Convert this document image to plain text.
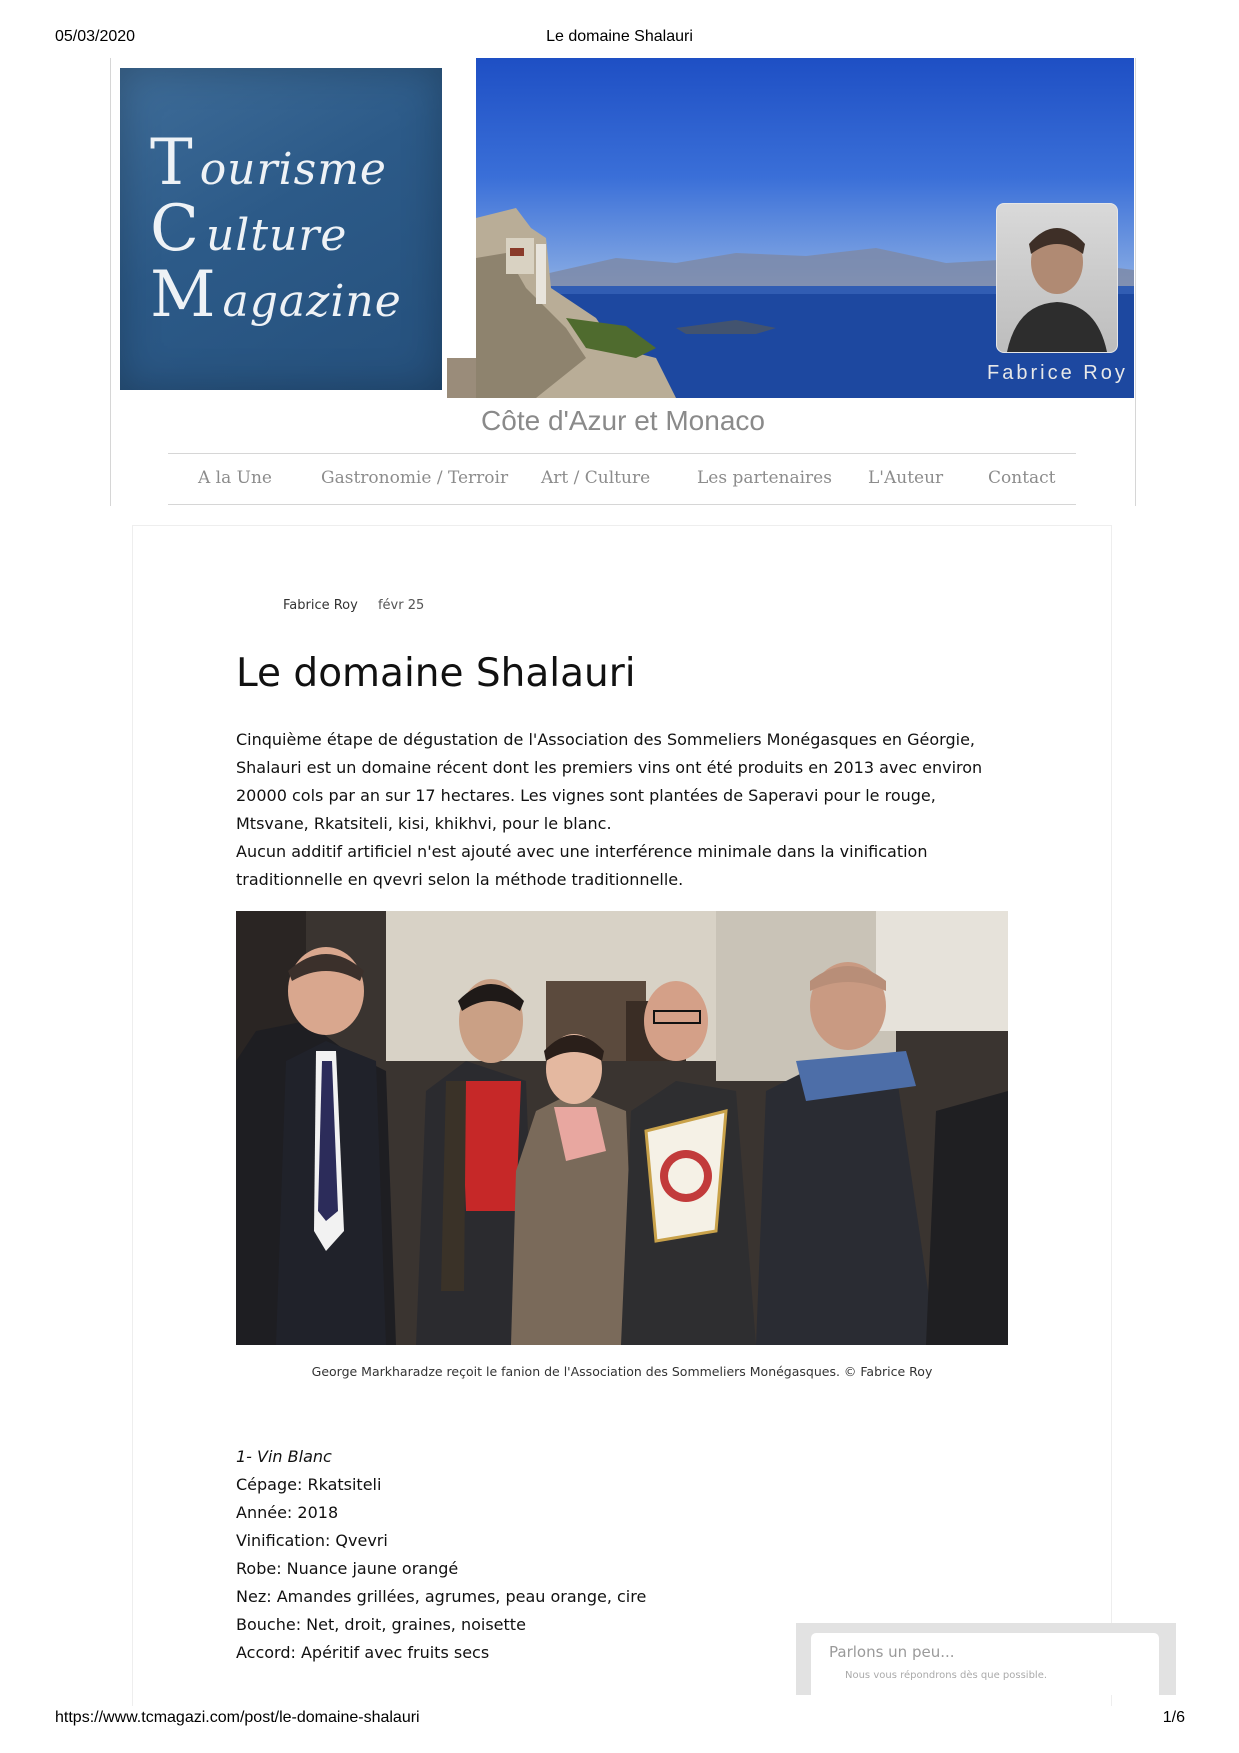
05/03/2020	Le domaine Shalauri
T ourisme
C ulture
M agazine
Fabrice Roy
Côte d'Azur et Monaco
A la Une	Gastronomie / Terroir Art / Culture	Les partenaires L'Auteur	Contact
Fabrice Roy févr 25
Le domaine Shalauri

Cinquième étape de dégustation de l'Association des Sommeliers Monégasques en Géorgie, Shalauri est un domaine récent dont les premiers vins ont été produits en 2013 avec environ 20000 cols par an sur 17 hectares. Les vignes sont plantées de Saperavi pour le rouge, Mtsvane, Rkatsiteli, kisi, khikhvi, pour le blanc.

Aucun additif artificiel n'est ajouté avec une interférence minimale dans la vinification traditionnelle en qvevri selon la méthode traditionnelle.

George Markharadze reçoit le fanion de l'Association des Sommeliers Monégasques. © Fabrice Roy
1- Vin Blanc
Cépage: Rkatsiteli
Année: 2018
Vinification: Qvevri
Robe: Nuance jaune orangé
Nez: Amandes grillées, agrumes, peau orange, cire
Bouche: Net, droit, graines, noisette
Accord: Apéritif avec fruits secs	Parlons un peu...
Nous vous répondrons dès que possible.
https://www.tcmagazi.com/post/le-domaine-shalauri	1/6
